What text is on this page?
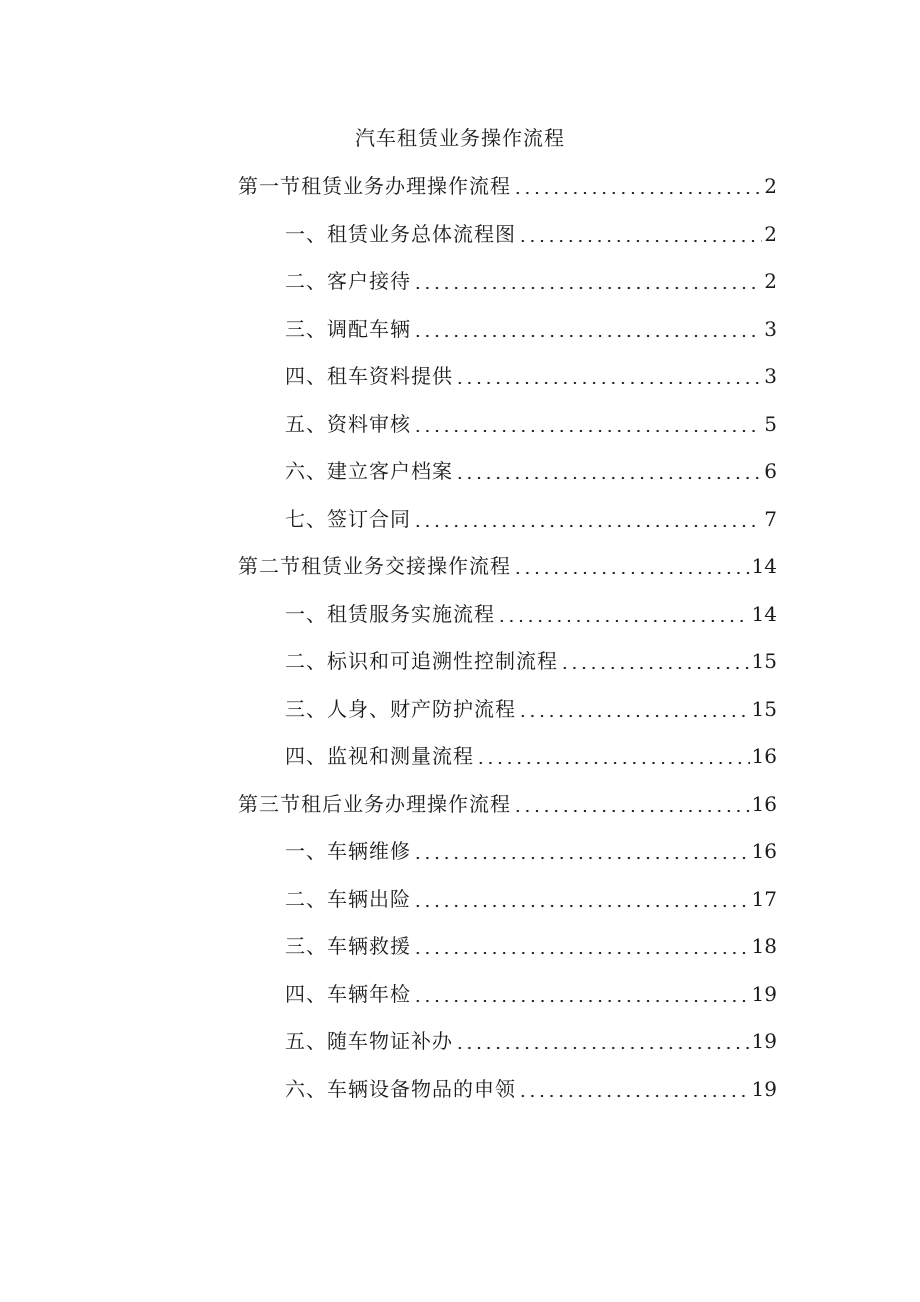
汽车租赁业务操作流程
第一节租赁业务办理操作流程	2
一、租赁业务总体流程图	2
二、客户接待	2
三、调配车辆	3
四、租车资料提供	3
五、资料审核	5
六、建立客户档案	6
七、签订合同	7
第二节租赁业务交接操作流程	14
一、租赁服务实施流程	14
二、标识和可追溯性控制流程	15
三、人身、财产防护流程	15
四、监视和测量流程	16
第三节租后业务办理操作流程	16
一、车辆维修	16
二、车辆出险	17
三、车辆救援	18
四、车辆年检	19
五、随车物证补办	19
六、车辆设备物品的申领	19
